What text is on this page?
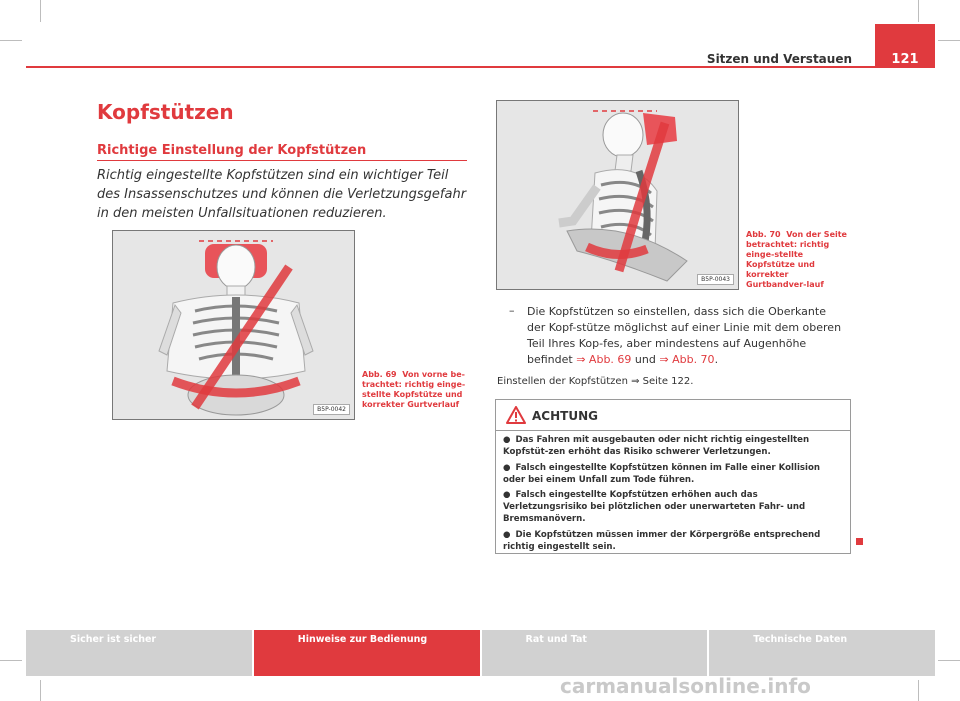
Sitzen und Verstauen	121
Kopfstützen
Richtige Einstellung der Kopfstützen
Richtig eingestellte Kopfstützen sind ein wichtiger Teil des Insassenschutzes und können die Verletzungsgefahr in den meisten Unfallsituationen reduzieren.
B5P-0042
Abb. 69 Von vorne be-trachtet: richtig einge-stellte Kopfstütze und korrekter Gurtverlauf
B5P-0043
Abb. 70 Von der Seite betrachtet: richtig einge-stellte Kopfstütze und korrekter Gurtbandver-lauf
– Die Kopfstützen so einstellen, dass sich die Oberkante der Kopf-stütze möglichst auf einer Linie mit dem oberen Teil Ihres Kop-fes, aber mindestens auf Augenhöhe befindet ⇒ Abb. 69 und ⇒ Abb. 70.
Einstellen der Kopfstützen ⇒ Seite 122.
ACHTUNG
● Das Fahren mit ausgebauten oder nicht richtig eingestellten Kopfstüt-zen erhöht das Risiko schwerer Verletzungen.
● Falsch eingestellte Kopfstützen können im Falle einer Kollision oder bei einem Unfall zum Tode führen.
● Falsch eingestellte Kopfstützen erhöhen auch das Verletzungsrisiko bei plötzlichen oder unerwarteten Fahr- und Bremsmanövern.
● Die Kopfstützen müssen immer der Körpergröße entsprechend richtig eingestellt sein.
Sicher ist sicher	Hinweise zur Bedienung	Rat und Tat	Technische Daten
carmanualsonline.info
